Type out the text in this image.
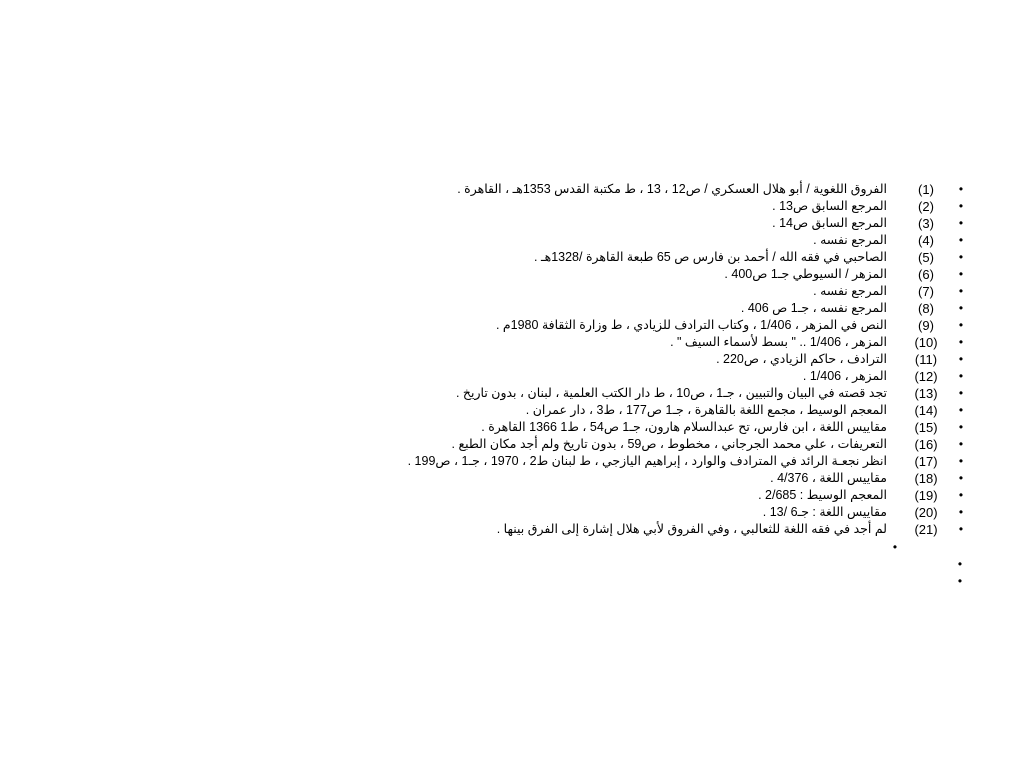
•
(1)
الفروق اللغوية / أبو هلال العسكري / ص12 ، 13 ، ط مكتبة القدس 1353هـ ، القاهرة .
•
(2)
المرجع السابق ص13 .
•
(3)
المرجع السابق ص14 .
•
(4)
المرجع نفسه .
•
(5)
الصاحبي في فقه الله / أحمد بن فارس ص 65 طبعة القاهرة /1328هـ .
•
(6)
المزهر / السيوطي جـ1 ص400 .
•
(7)
المرجع نفسه .
•
(8)
المرجع نفسه ، جـ1 ص 406 .
•
(9)
النص في المزهر ، 1/406 ، وكتاب الترادف للزيادي ، ط وزارة الثقافة 1980م .
•
(10)
المزهر ، 1/406 .. " بسط لأسماء السيف " .
•
(11)
الترادف ، حاكم الزيادي ، ص220 .
•
(12)
المزهر ، 1/406 .
•
(13)
تجد قصته في البيان والتبيين ، جـ1 ، ص10 ، ط دار الكتب العلمية ، لبنان ، بدون تاريخ .
•
(14)
المعجم الوسيط ، مجمع اللغة بالقاهرة ، جـ1 ص177 ، ط3 ، دار عمران .
•
(15)
مقاييس اللغة ، ابن فارس، تح عبدالسلام هارون، جـ1 ص54 ، ط1 1366 القاهرة .
•
(16)
التعريفات ، علي محمد الجرجاني ، مخطوط ، ص59 ، بدون تاريخ ولم أجد مكان الطبع .
•
(17)
انظر نجعـة الرائد في المترادف والوارد ، إبراهيم اليازجي ، ط لبنان ط2 ، 1970 ، جـ1 ، ص199 .
•
(18)
مقاييس اللغة ، 4/376 .
•
(19)
المعجم الوسيط : 2/685 .
•
(20)
مقاييس اللغة : جـ6 /13 .
•
(21)
لم أجد في فقه اللغة للثعالبي ، وفي الفروق لأبي هلال إشارة إلى الفرق بينها .
•
•
•
